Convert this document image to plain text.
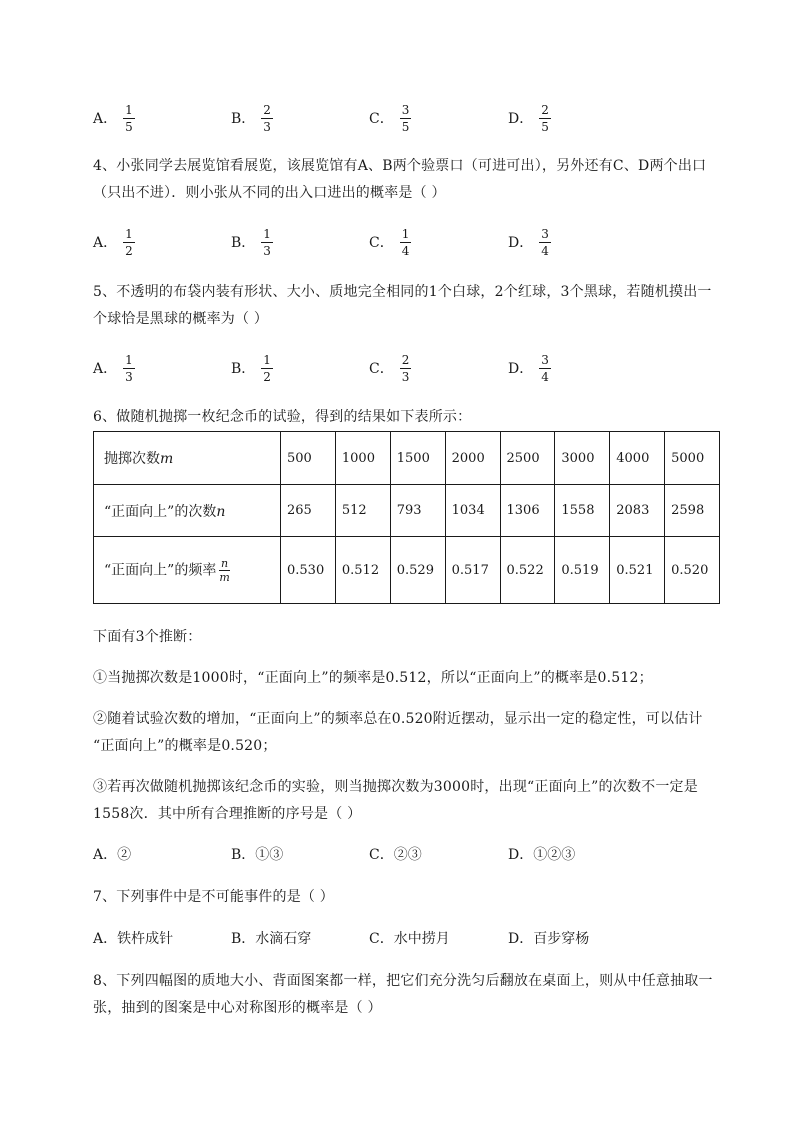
A． $\frac{1}{5}$	B． $\frac{2}{3}$	C． $\frac{3}{5}$	D． $\frac{2}{5}$
4、小张同学去展览馆看展览，该展览馆有A、B两个验票口（可进可出），另外还有C、D两个出口
（只出不进）．则小张从不同的出入口进出的概率是（ ）
A． $\frac{1}{2}$	B． $\frac{1}{3}$	C． $\frac{1}{4}$	D． $\frac{3}{4}$
5、不透明的布袋内装有形状、大小、质地完全相同的1个白球，2个红球，3个黑球，若随机摸出一
个球恰是黑球的概率为（ ）
A． $\frac{1}{3}$	B． $\frac{1}{2}$	C． $\frac{2}{3}$	D． $\frac{3}{4}$
6、做随机抛掷一枚纪念币的试验，得到的结果如下表所示：
抛掷次数m	500	1000	1500	2000	2500	3000	4000	5000
“正面向上”的次数n	265	512	793	1034	1306	1558	2083	2598
“正面向上”的频率 $\frac{n}{m}$	0.530	0.512	0.529	0.517	0.522	0.519	0.521	0.520
下面有3个推断：
①当抛掷次数是1000时，“正面向上”的频率是0.512，所以“正面向上”的概率是0.512；
②随着试验次数的增加，“正面向上”的频率总在0.520附近摆动，显示出一定的稳定性，可以估计
“正面向上”的概率是0.520；
③若再次做随机抛掷该纪念币的实验，则当抛掷次数为3000时，出现“正面向上”的次数不一定是
1558次．其中所有合理推断的序号是（ ）
A．②	B．①③	C．②③	D．①②③
7、下列事件中是不可能事件的是（ ）
A．铁杵成针	B．水滴石穿	C．水中捞月	D．百步穿杨
8、下列四幅图的质地大小、背面图案都一样，把它们充分洗匀后翻放在桌面上，则从中任意抽取一
张，抽到的图案是中心对称图形的概率是（ ）
